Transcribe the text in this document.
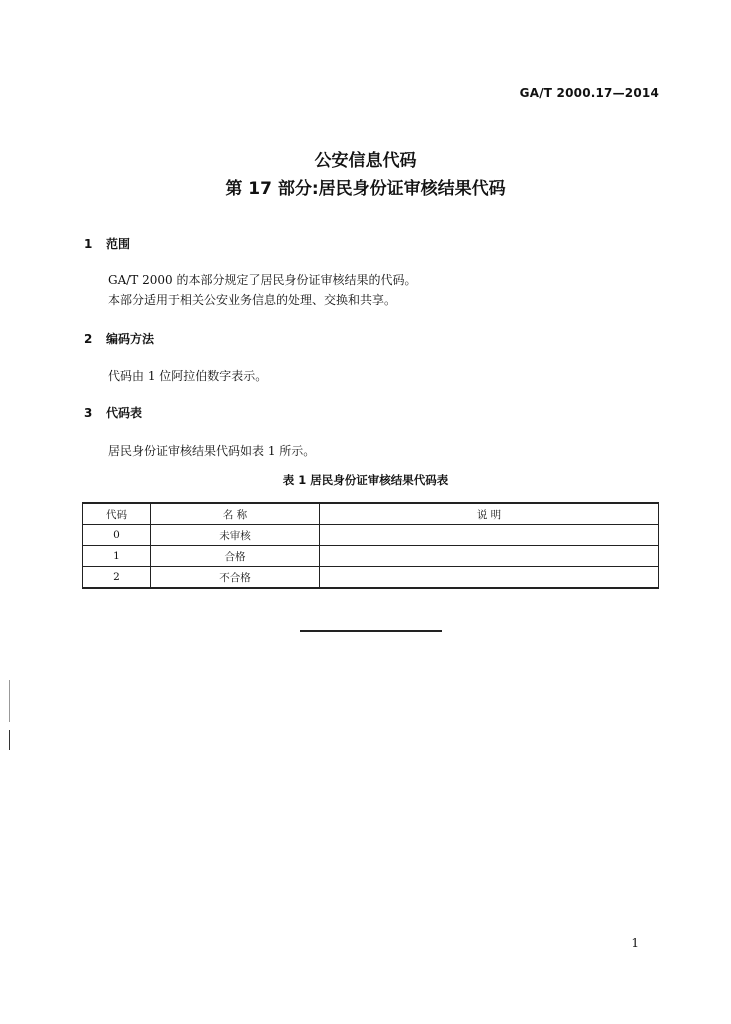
GA/T 2000.17—2014
公安信息代码
第 17 部分:居民身份证审核结果代码
1 范围
GA/T 2000 的本部分规定了居民身份证审核结果的代码。
本部分适用于相关公安业务信息的处理、交换和共享。
2 编码方法
代码由 1 位阿拉伯数字表示。
3 代码表
居民身份证审核结果代码如表 1 所示。
表 1 居民身份证审核结果代码表
代码	名 称	说 明
0	未审核	
1	合格	
2	不合格	
1
